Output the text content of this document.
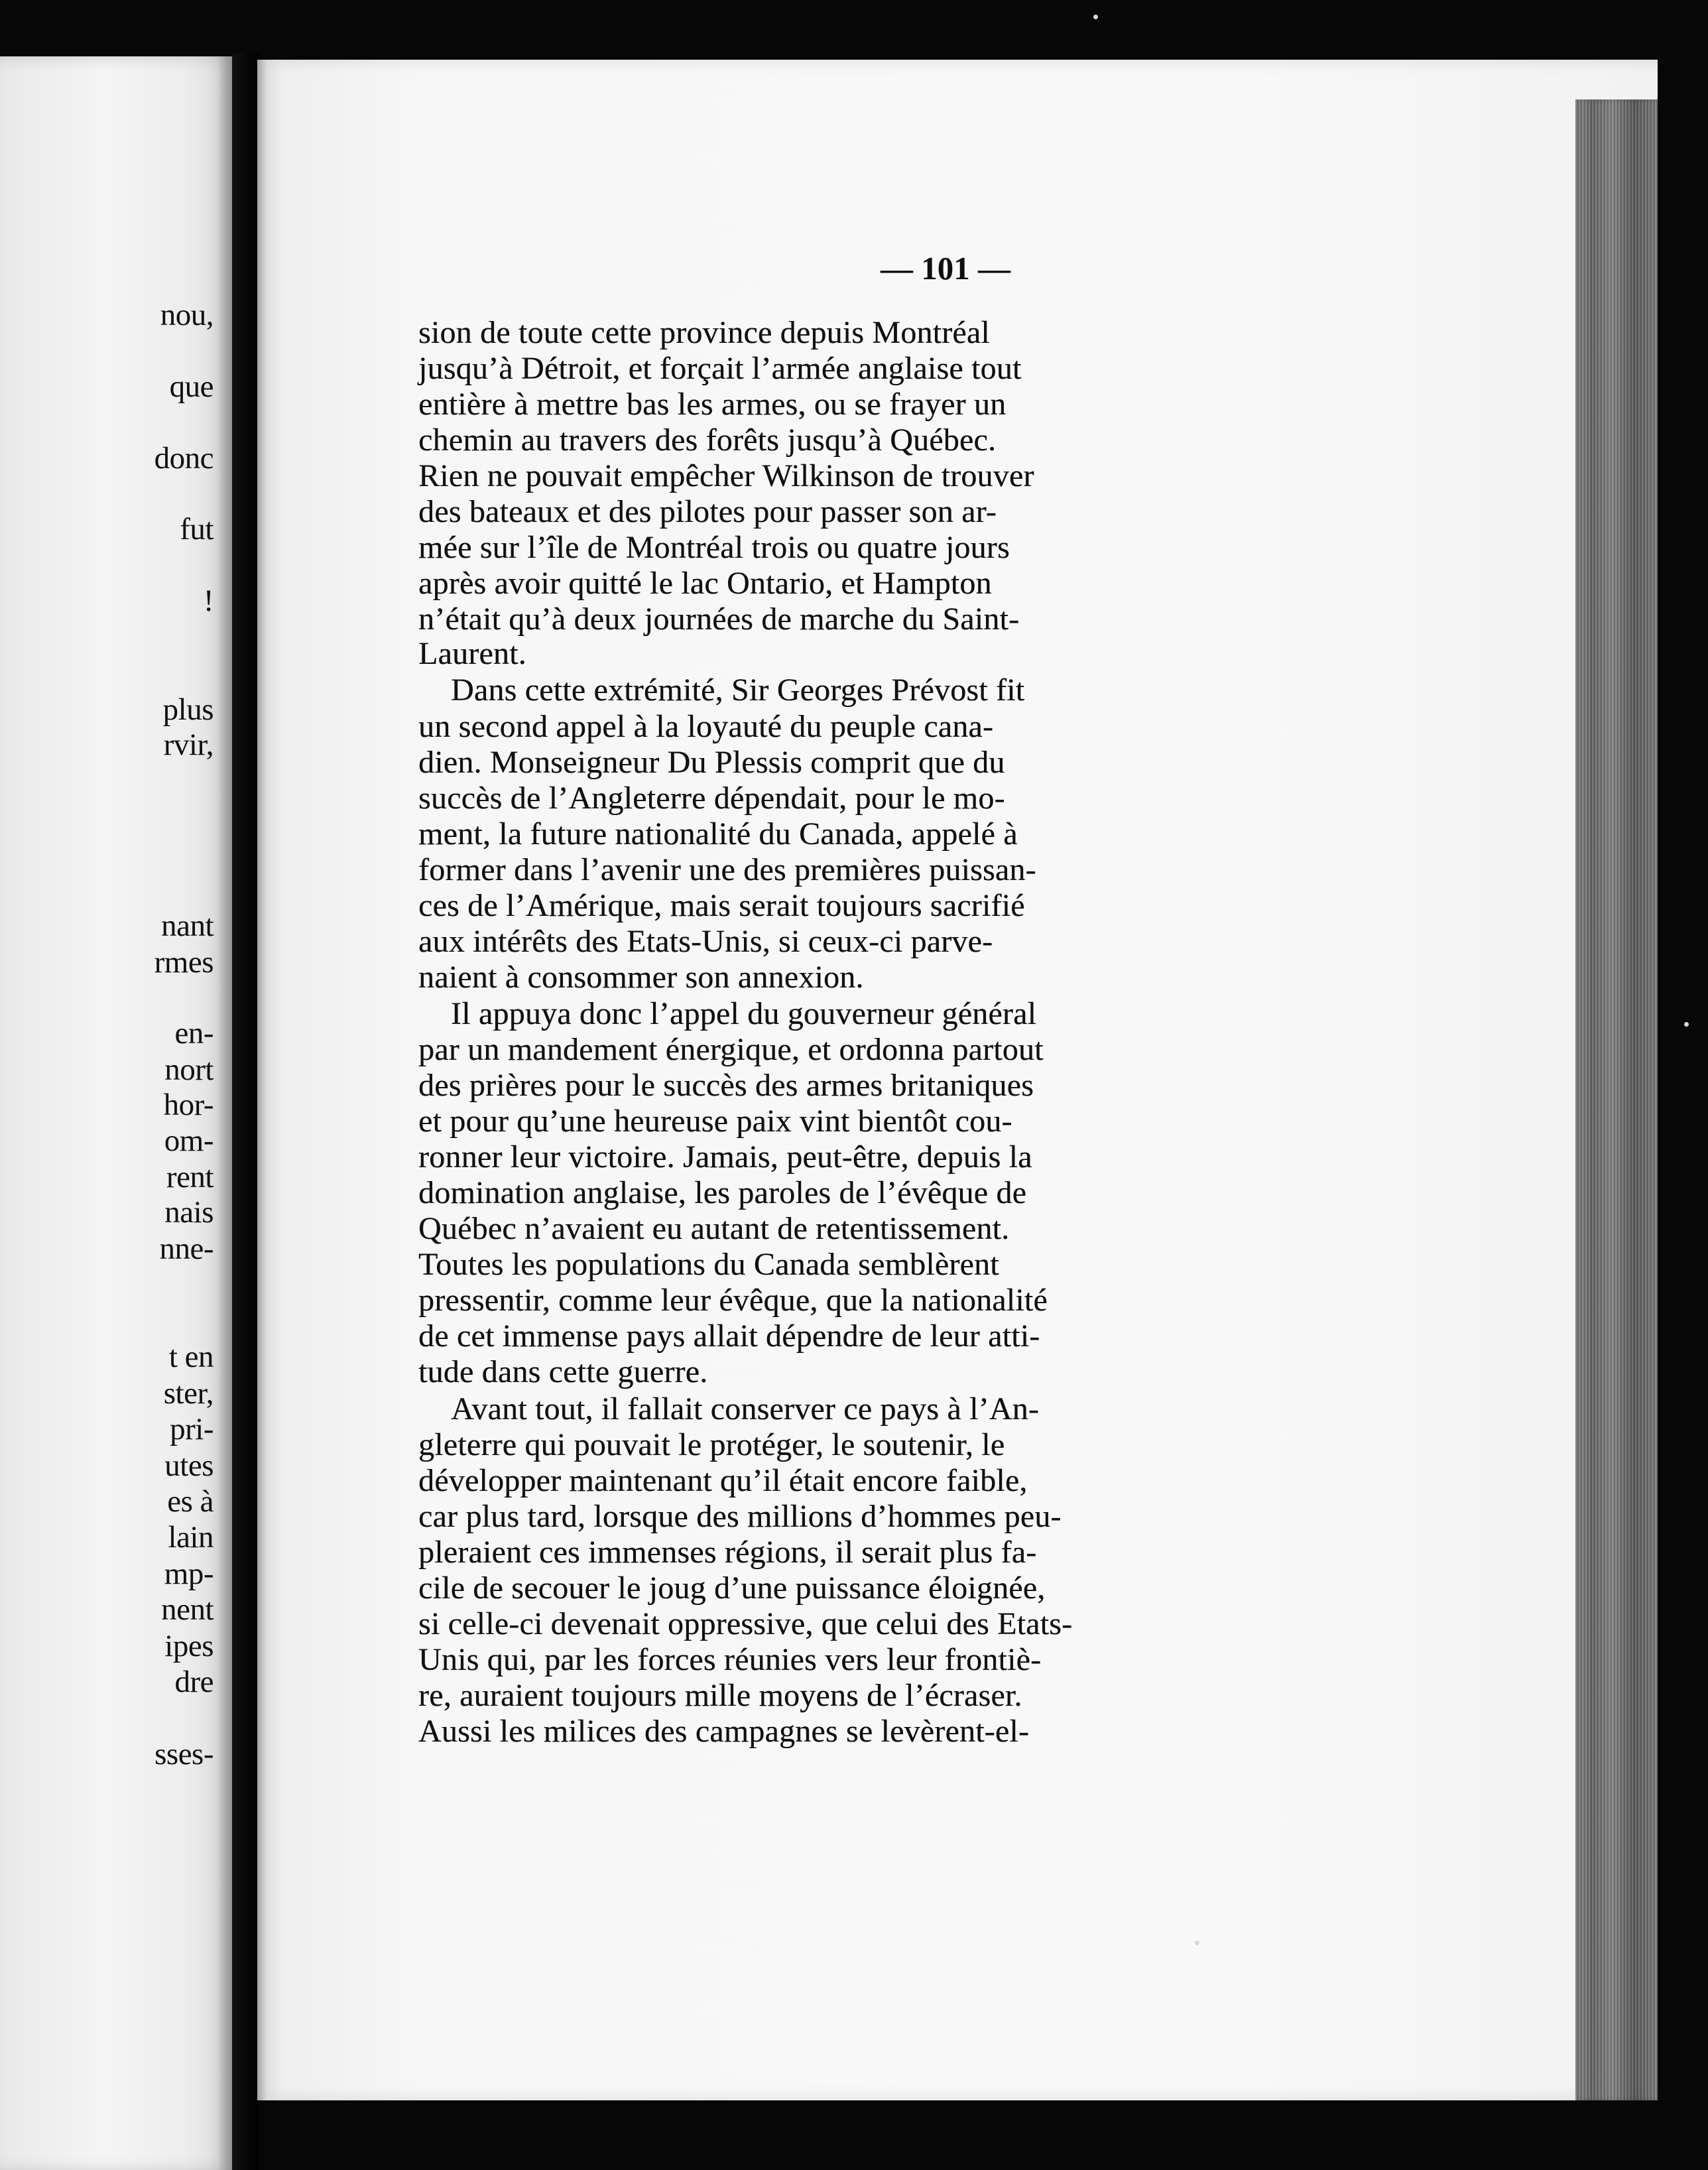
nou,
que
donc
fut
!
plus
rvir,
nant
rmes
en-
nort
hor-
om-
rent
nais
nne-
t en
ster,
pri-
utes
es à
lain
mp-
nent
ipes
dre
sses-
— 101 —
sion de toute cette province depuis Montréal
jusqu’à Détroit, et forçait l’armée anglaise tout
entière à mettre bas les armes, ou se frayer un
chemin au travers des forêts jusqu’à Québec.
Rien ne pouvait empêcher Wilkinson de trouver
des bateaux et des pilotes pour passer son ar-
mée sur l’île de Montréal trois ou quatre jours
après avoir quitté le lac Ontario, et Hampton
n’était qu’à deux journées de marche du Saint-
Laurent.
Dans cette extrémité, Sir Georges Prévost fit
un second appel à la loyauté du peuple cana-
dien. Monseigneur Du Plessis comprit que du
succès de l’Angleterre dépendait, pour le mo-
ment, la future nationalité du Canada, appelé à
former dans l’avenir une des premières puissan-
ces de l’Amérique, mais serait toujours sacrifié
aux intérêts des Etats-Unis, si ceux-ci parve-
naient à consommer son annexion.
Il appuya donc l’appel du gouverneur général
par un mandement énergique, et ordonna partout
des prières pour le succès des armes britaniques
et pour qu’une heureuse paix vint bientôt cou-
ronner leur victoire. Jamais, peut-être, depuis la
domination anglaise, les paroles de l’évêque de
Québec n’avaient eu autant de retentissement.
Toutes les populations du Canada semblèrent
pressentir, comme leur évêque, que la nationalité
de cet immense pays allait dépendre de leur atti-
tude dans cette guerre.
Avant tout, il fallait conserver ce pays à l’An-
gleterre qui pouvait le protéger, le soutenir, le
développer maintenant qu’il était encore faible,
car plus tard, lorsque des millions d’hommes peu-
pleraient ces immenses régions, il serait plus fa-
cile de secouer le joug d’une puissance éloignée,
si celle-ci devenait oppressive, que celui des Etats-
Unis qui, par les forces réunies vers leur frontiè-
re, auraient toujours mille moyens de l’écraser.
Aussi les milices des campagnes se levèrent-el-
